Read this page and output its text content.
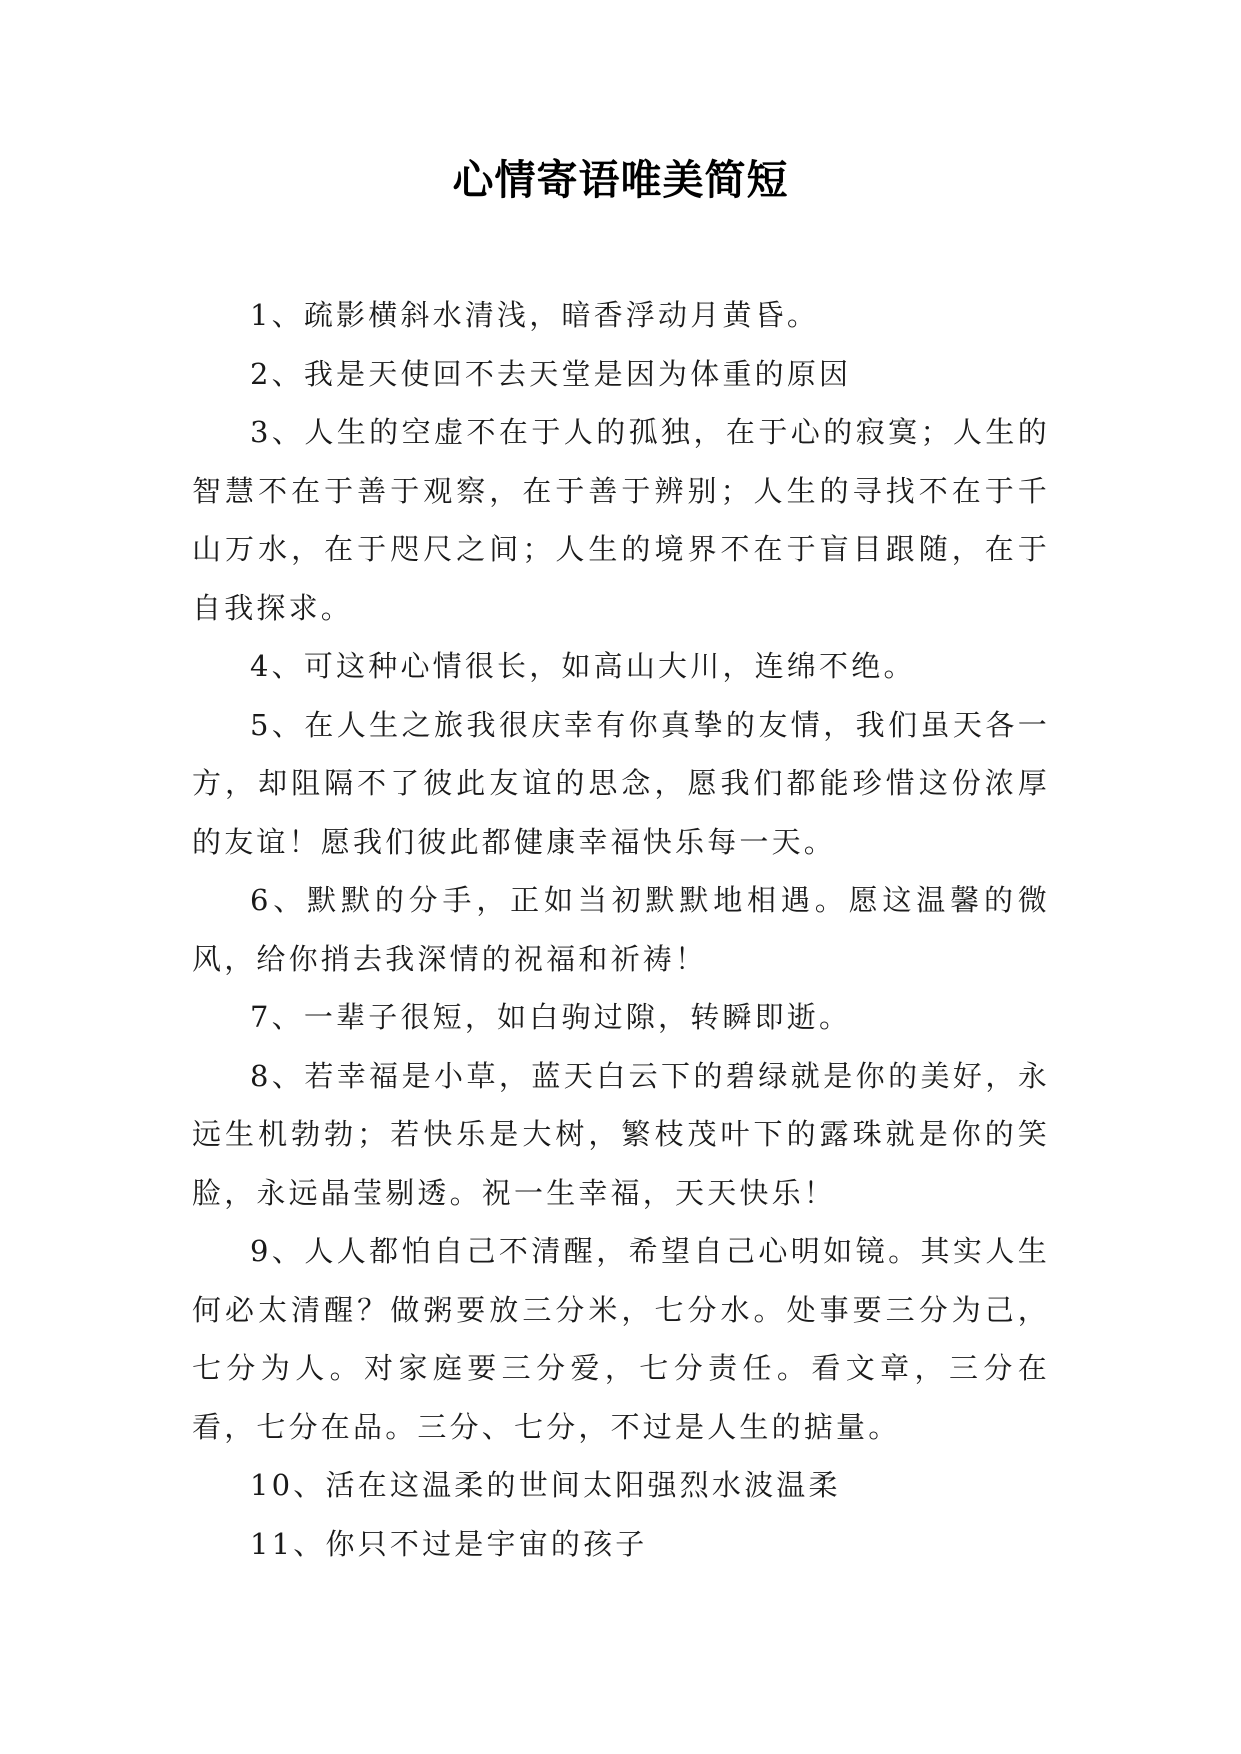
心情寄语唯美简短

1、疏影横斜水清浅，暗香浮动月黄昏。

2、我是天使回不去天堂是因为体重的原因

3、人生的空虚不在于人的孤独，在于心的寂寞；人生的智慧不在于善于观察，在于善于辨别；人生的寻找不在于千山万水，在于咫尺之间；人生的境界不在于盲目跟随，在于自我探求。

4、可这种心情很长，如高山大川，连绵不绝。

5、在人生之旅我很庆幸有你真挚的友情，我们虽天各一方，却阻隔不了彼此友谊的思念，愿我们都能珍惜这份浓厚的友谊！愿我们彼此都健康幸福快乐每一天。

6、默默的分手，正如当初默默地相遇。愿这温馨的微风，给你捎去我深情的祝福和祈祷！

7、一辈子很短，如白驹过隙，转瞬即逝。

8、若幸福是小草，蓝天白云下的碧绿就是你的美好，永远生机勃勃；若快乐是大树，繁枝茂叶下的露珠就是你的笑脸，永远晶莹剔透。祝一生幸福，天天快乐！

9、人人都怕自己不清醒，希望自己心明如镜。其实人生何必太清醒？做粥要放三分米，七分水。处事要三分为己，七分为人。对家庭要三分爱，七分责任。看文章，三分在看，七分在品。三分、七分，不过是人生的掂量。

10、活在这温柔的世间太阳强烈水波温柔

11、你只不过是宇宙的孩子
